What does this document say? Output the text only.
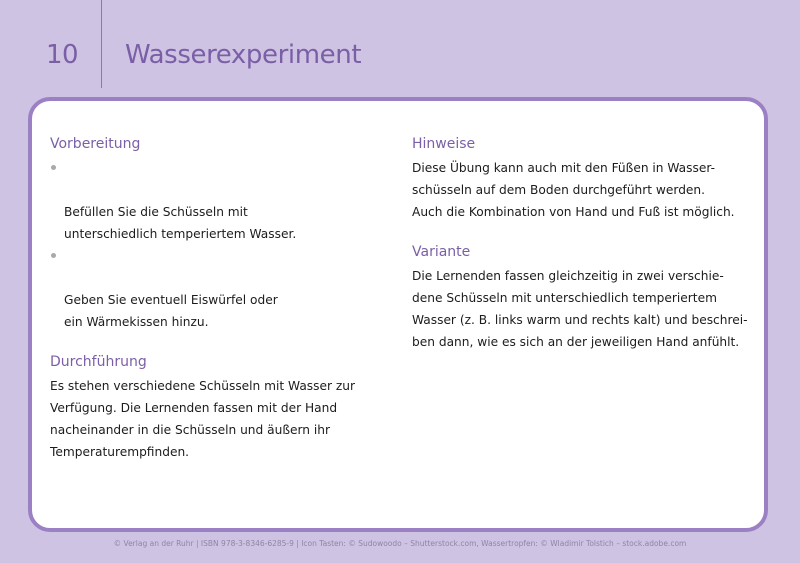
10	Wasserexperiment
Vorbereitung

Befüllen Sie die Schüsseln mit
unterschiedlich temperiertem Wasser.

Geben Sie eventuell Eiswürfel oder
ein Wärmekissen hinzu.

Durchführung

Es stehen verschiedene Schüsseln mit Wasser zur
Verfügung. Die Lernenden fassen mit der Hand
nacheinander in die Schüsseln und äußern ihr
Temperaturempfinden.

Hinweise

Diese Übung kann auch mit den Füßen in Wasser-
schüsseln auf dem Boden durchgeführt werden.
Auch die Kombination von Hand und Fuß ist möglich.

Variante

Die Lernenden fassen gleichzeitig in zwei verschie-
dene Schüsseln mit unterschiedlich temperiertem
Wasser (z. B. links warm und rechts kalt) und beschrei-
ben dann, wie es sich an der jeweiligen Hand anfühlt.

© Verlag an der Ruhr | ISBN 978-3-8346-6285-9 | Icon Tasten: © Sudowoodo – Shutterstock.com, Wassertropfen: © Wladimir Tolstich – stock.adobe.com
